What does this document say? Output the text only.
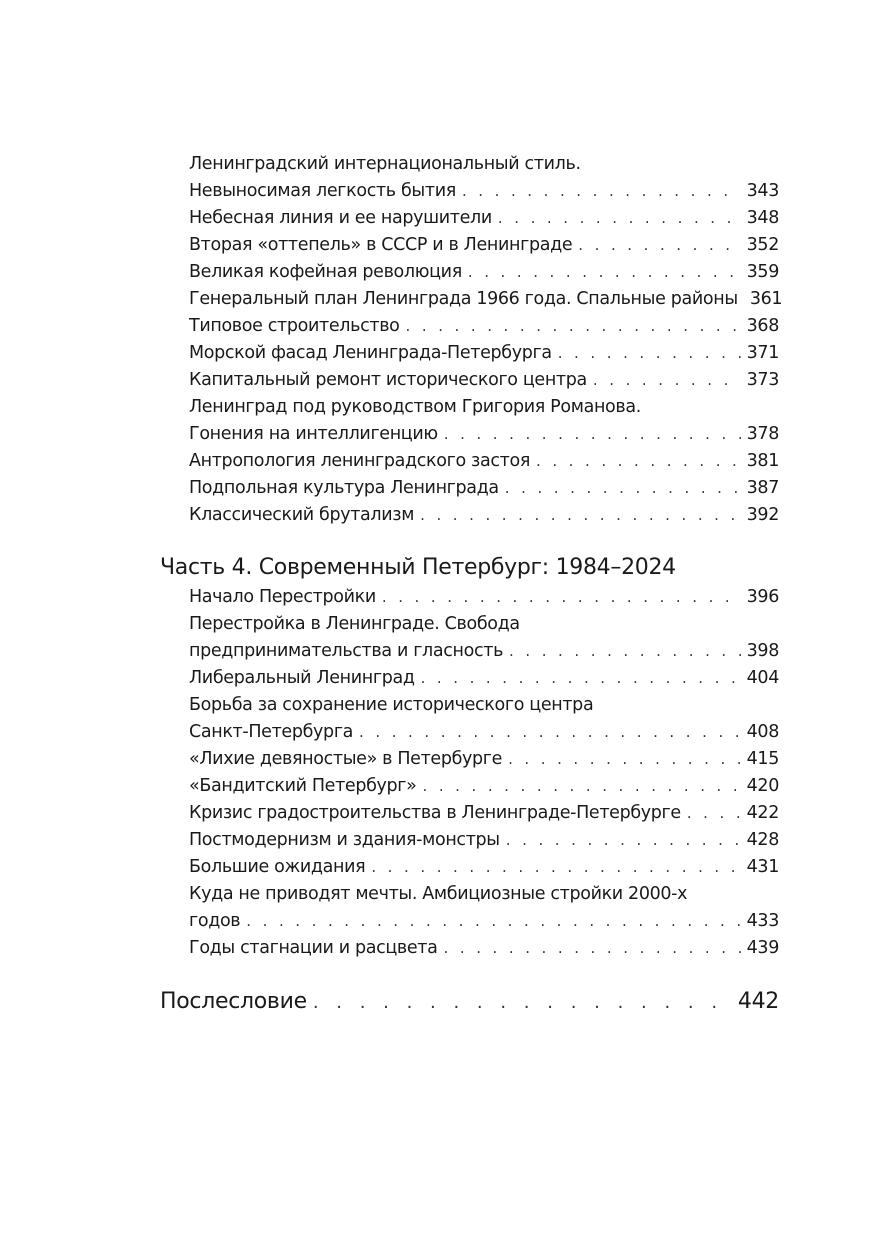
Ленинградский интернациональный стиль.
Невыносимая легкость бытия . . .	343
Небесная линия и ее нарушители . . .	348
Вторая «оттепель» в СССР и в Ленинграде . . .	352
Великая кофейная революция . . .	359
Генеральный план Ленинграда 1966 года. Спальные районы 361
Типовое строительство . . .	368
Морской фасад Ленинграда-Петербурга . . .	371
Капитальный ремонт исторического центра . . .	373
Ленинград под руководством Григория Романова.
Гонения на интеллигенцию . . .	378
Антропология ленинградского застоя . . .	381
Подпольная культура Ленинграда . . .	387
Классический брутализм . . .	392
Часть 4. Современный Петербург: 1984–2024
Начало Перестройки . . .	396
Перестройка в Ленинграде. Свобода
предпринимательства и гласность . . .	398
Либеральный Ленинград . . .	404
Борьба за сохранение исторического центра
Санкт-Петербурга . . .	408
«Лихие девяностые» в Петербурге . . .	415
«Бандитский Петербург» . . .	420
Кризис градостроительства в Ленинграде-Петербурге . . .	422
Постмодернизм и здания-монстры . . .	428
Большие ожидания . . .	431
Куда не приводят мечты. Амбициозные стройки 2000-х
годов . . .	433
Годы стагнации и расцвета . . .	439
Послесловие . . .	442
